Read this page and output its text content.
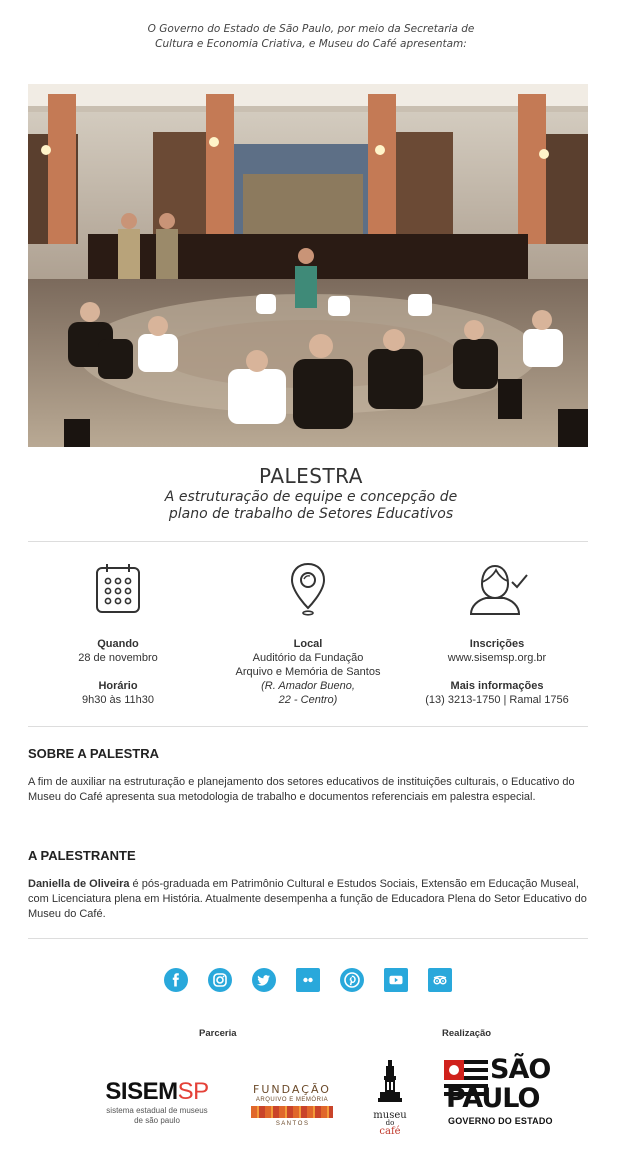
O Governo do Estado de São Paulo, por meio da Secretaria de
Cultura e Economia Criativa, e Museu do Café apresentam:
PALESTRA
A estruturação de equipe e concepção de
plano de trabalho de Setores Educativos
Quando
28 de novembro
Horário
9h30 às 11h30
Local
Auditório da Fundação
Arquivo e Memória de Santos
(R. Amador Bueno,
22 - Centro)
Inscrições
www.sisemsp.org.br
Mais informações
(13) 3213-1750 | Ramal 1756
SOBRE A PALESTRA
A fim de auxiliar na estruturação e planejamento dos setores educativos de instituições culturais, o Educativo do Museu do Café apresenta sua metodologia de trabalho e documentos referenciais em palestra especial.
A PALESTRANTE
Daniella de Oliveira é pós-graduada em Patrimônio Cultural e Estudos Sociais, Extensão em Educação Museal, com Licenciatura plena em História. Atualmente desempenha a função de Educadora Plena do Setor Educativo do Museu do Café.
Parceria	Realização
SISEMSP
sistema estadual de museus
de são paulo
FUNDAÇÃO
ARQUIVO E MEMÓRIA
S A N T O S
museu
do
café
SÃO
PAULO
GOVERNO DO ESTADO
